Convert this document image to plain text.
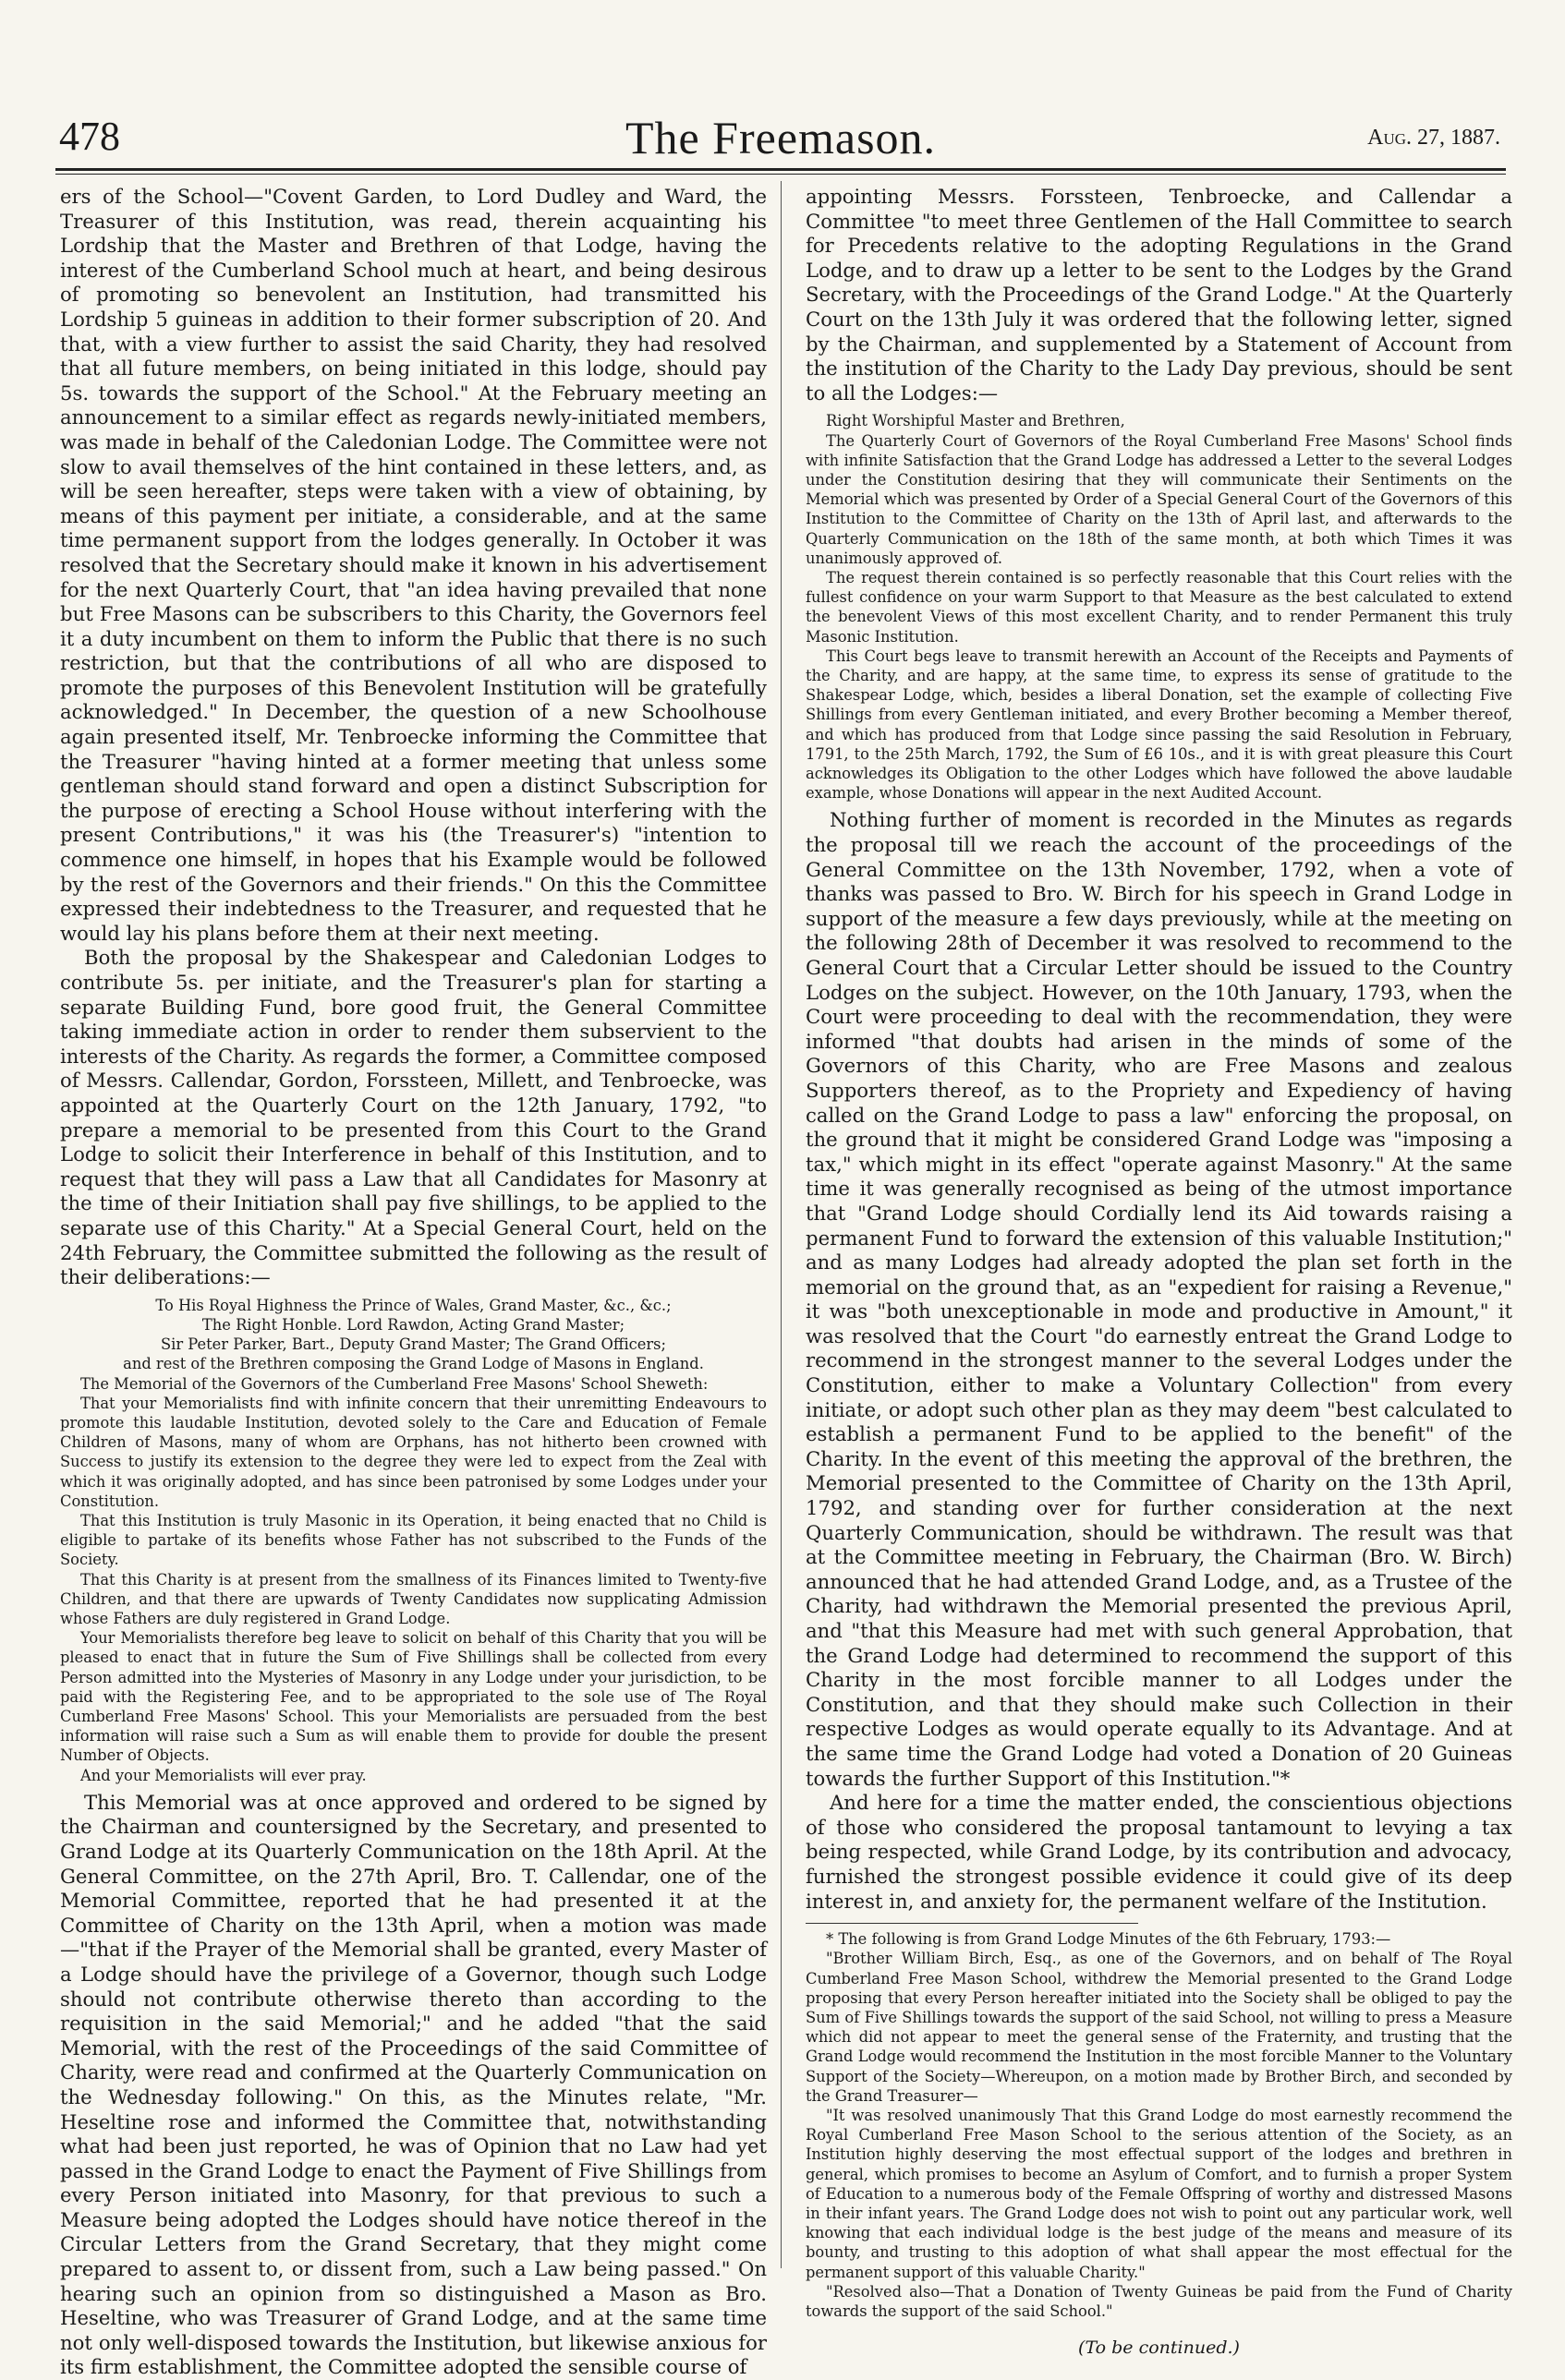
478	The Freemason.	Aug. 27, 1887.

ers of the School—"Covent Garden, to Lord Dudley and Ward, the Treasurer of this Institution, was read, therein acquainting his Lordship that the Master and Brethren of that Lodge, having the interest of the Cumberland School much at heart, and being desirous of promoting so benevolent an Institution, had transmitted his Lordship 5 guineas in addition to their former subscription of 20. And that, with a view further to assist the said Charity, they had resolved that all future members, on being initiated in this lodge, should pay 5s. towards the support of the School." At the February meeting an announcement to a similar effect as regards newly-initiated members, was made in behalf of the Caledonian Lodge. The Committee were not slow to avail themselves of the hint contained in these letters, and, as will be seen hereafter, steps were taken with a view of obtaining, by means of this payment per initiate, a considerable, and at the same time permanent support from the lodges generally. In October it was resolved that the Secretary should make it known in his advertisement for the next Quarterly Court, that "an idea having prevailed that none but Free Masons can be subscribers to this Charity, the Governors feel it a duty incumbent on them to inform the Public that there is no such restriction, but that the contributions of all who are disposed to promote the purposes of this Benevolent Institution will be gratefully acknowledged." In December, the question of a new Schoolhouse again presented itself, Mr. Tenbroecke informing the Committee that the Treasurer "having hinted at a former meeting that unless some gentleman should stand forward and open a distinct Subscription for the purpose of erecting a School House without interfering with the present Contributions," it was his (the Treasurer's) "intention to commence one himself, in hopes that his Example would be followed by the rest of the Governors and their friends." On this the Committee expressed their indebtedness to the Treasurer, and requested that he would lay his plans before them at their next meeting.

Both the proposal by the Shakespear and Caledonian Lodges to contribute 5s. per initiate, and the Treasurer's plan for starting a separate Building Fund, bore good fruit, the General Committee taking immediate action in order to render them subservient to the interests of the Charity. As regards the former, a Committee composed of Messrs. Callendar, Gordon, Forssteen, Millett, and Tenbroecke, was appointed at the Quarterly Court on the 12th January, 1792, "to prepare a memorial to be presented from this Court to the Grand Lodge to solicit their Interference in behalf of this Institution, and to request that they will pass a Law that all Candidates for Masonry at the time of their Initiation shall pay five shillings, to be applied to the separate use of this Charity." At a Special General Court, held on the 24th February, the Committee submitted the following as the result of their deliberations:—

To His Royal Highness the Prince of Wales, Grand Master, &c., &c.;
The Right Honble. Lord Rawdon, Acting Grand Master;
Sir Peter Parker, Bart., Deputy Grand Master; The Grand Officers;
and rest of the Brethren composing the Grand Lodge of Masons in England.

The Memorial of the Governors of the Cumberland Free Masons' School Sheweth:

That your Memorialists find with infinite concern that their unremitting Endeavours to promote this laudable Institution, devoted solely to the Care and Education of Female Children of Masons, many of whom are Orphans, has not hitherto been crowned with Success to justify its extension to the degree they were led to expect from the Zeal with which it was originally adopted, and has since been patronised by some Lodges under your Constitution.

That this Institution is truly Masonic in its Operation, it being enacted that no Child is eligible to partake of its benefits whose Father has not subscribed to the Funds of the Society.

That this Charity is at present from the smallness of its Finances limited to Twenty-five Children, and that there are upwards of Twenty Candidates now supplicating Admission whose Fathers are duly registered in Grand Lodge.

Your Memorialists therefore beg leave to solicit on behalf of this Charity that you will be pleased to enact that in future the Sum of Five Shillings shall be collected from every Person admitted into the Mysteries of Masonry in any Lodge under your jurisdiction, to be paid with the Registering Fee, and to be appropriated to the sole use of The Royal Cumberland Free Masons' School. This your Memorialists are persuaded from the best information will raise such a Sum as will enable them to provide for double the present Number of Objects.

And your Memorialists will ever pray.

This Memorial was at once approved and ordered to be signed by the Chairman and countersigned by the Secretary, and presented to Grand Lodge at its Quarterly Communication on the 18th April. At the General Committee, on the 27th April, Bro. T. Callendar, one of the Memorial Committee, reported that he had presented it at the Committee of Charity on the 13th April, when a motion was made—"that if the Prayer of the Memorial shall be granted, every Master of a Lodge should have the privilege of a Governor, though such Lodge should not contribute otherwise thereto than according to the requisition in the said Memorial;" and he added "that the said Memorial, with the rest of the Proceedings of the said Committee of Charity, were read and confirmed at the Quarterly Communication on the Wednesday following." On this, as the Minutes relate, "Mr. Heseltine rose and informed the Committee that, notwithstanding what had been just reported, he was of Opinion that no Law had yet passed in the Grand Lodge to enact the Payment of Five Shillings from every Person initiated into Masonry, for that previous to such a Measure being adopted the Lodges should have notice thereof in the Circular Letters from the Grand Secretary, that they might come prepared to assent to, or dissent from, such a Law being passed." On hearing such an opinion from so distinguished a Mason as Bro. Heseltine, who was Treasurer of Grand Lodge, and at the same time not only well-disposed towards the Institution, but likewise anxious for its firm establishment, the Committee adopted the sensible course of

appointing Messrs. Forssteen, Tenbroecke, and Callendar a Committee "to meet three Gentlemen of the Hall Committee to search for Precedents relative to the adopting Regulations in the Grand Lodge, and to draw up a letter to be sent to the Lodges by the Grand Secretary, with the Proceedings of the Grand Lodge." At the Quarterly Court on the 13th July it was ordered that the following letter, signed by the Chairman, and supplemented by a Statement of Account from the institution of the Charity to the Lady Day previous, should be sent to all the Lodges:—

Right Worshipful Master and Brethren,

The Quarterly Court of Governors of the Royal Cumberland Free Masons' School finds with infinite Satisfaction that the Grand Lodge has addressed a Letter to the several Lodges under the Constitution desiring that they will communicate their Sentiments on the Memorial which was presented by Order of a Special General Court of the Governors of this Institution to the Committee of Charity on the 13th of April last, and afterwards to the Quarterly Communication on the 18th of the same month, at both which Times it was unanimously approved of.

The request therein contained is so perfectly reasonable that this Court relies with the fullest confidence on your warm Support to that Measure as the best calculated to extend the benevolent Views of this most excellent Charity, and to render Permanent this truly Masonic Institution.

This Court begs leave to transmit herewith an Account of the Receipts and Payments of the Charity, and are happy, at the same time, to express its sense of gratitude to the Shakespear Lodge, which, besides a liberal Donation, set the example of collecting Five Shillings from every Gentleman initiated, and every Brother becoming a Member thereof, and which has produced from that Lodge since passing the said Resolution in February, 1791, to the 25th March, 1792, the Sum of £6 10s., and it is with great pleasure this Court acknowledges its Obligation to the other Lodges which have followed the above laudable example, whose Donations will appear in the next Audited Account.

Nothing further of moment is recorded in the Minutes as regards the proposal till we reach the account of the proceedings of the General Committee on the 13th November, 1792, when a vote of thanks was passed to Bro. W. Birch for his speech in Grand Lodge in support of the measure a few days previously, while at the meeting on the following 28th of December it was resolved to recommend to the General Court that a Circular Letter should be issued to the Country Lodges on the subject. However, on the 10th January, 1793, when the Court were proceeding to deal with the recommendation, they were informed "that doubts had arisen in the minds of some of the Governors of this Charity, who are Free Masons and zealous Supporters thereof, as to the Propriety and Expediency of having called on the Grand Lodge to pass a law" enforcing the proposal, on the ground that it might be considered Grand Lodge was "imposing a tax," which might in its effect "operate against Masonry." At the same time it was generally recognised as being of the utmost importance that "Grand Lodge should Cordially lend its Aid towards raising a permanent Fund to forward the extension of this valuable Institution;" and as many Lodges had already adopted the plan set forth in the memorial on the ground that, as an "expedient for raising a Revenue," it was "both unexceptionable in mode and productive in Amount," it was resolved that the Court "do earnestly entreat the Grand Lodge to recommend in the strongest manner to the several Lodges under the Constitution, either to make a Voluntary Collection" from every initiate, or adopt such other plan as they may deem "best calculated to establish a permanent Fund to be applied to the benefit" of the Charity. In the event of this meeting the approval of the brethren, the Memorial presented to the Committee of Charity on the 13th April, 1792, and standing over for further consideration at the next Quarterly Communication, should be withdrawn. The result was that at the Committee meeting in February, the Chairman (Bro. W. Birch) announced that he had attended Grand Lodge, and, as a Trustee of the Charity, had withdrawn the Memorial presented the previous April, and "that this Measure had met with such general Approbation, that the Grand Lodge had determined to recommend the support of this Charity in the most forcible manner to all Lodges under the Constitution, and that they should make such Collection in their respective Lodges as would operate equally to its Advantage. And at the same time the Grand Lodge had voted a Donation of 20 Guineas towards the further Support of this Institution."*

And here for a time the matter ended, the conscientious objections of those who considered the proposal tantamount to levying a tax being respected, while Grand Lodge, by its contribution and advocacy, furnished the strongest possible evidence it could give of its deep interest in, and anxiety for, the permanent welfare of the Institution.

* The following is from Grand Lodge Minutes of the 6th February, 1793:—

"Brother William Birch, Esq., as one of the Governors, and on behalf of The Royal Cumberland Free Mason School, withdrew the Memorial presented to the Grand Lodge proposing that every Person hereafter initiated into the Society shall be obliged to pay the Sum of Five Shillings towards the support of the said School, not willing to press a Measure which did not appear to meet the general sense of the Fraternity, and trusting that the Grand Lodge would recommend the Institution in the most forcible Manner to the Voluntary Support of the Society—Whereupon, on a motion made by Brother Birch, and seconded by the Grand Treasurer—

"It was resolved unanimously That this Grand Lodge do most earnestly recommend the Royal Cumberland Free Mason School to the serious attention of the Society, as an Institution highly deserving the most effectual support of the lodges and brethren in general, which promises to become an Asylum of Comfort, and to furnish a proper System of Education to a numerous body of the Female Offspring of worthy and distressed Masons in their infant years. The Grand Lodge does not wish to point out any particular work, well knowing that each individual lodge is the best judge of the means and measure of its bounty, and trusting to this adoption of what shall appear the most effectual for the permanent support of this valuable Charity."

"Resolved also—That a Donation of Twenty Guineas be paid from the Fund of Charity towards the support of the said School."

(To be continued.)
